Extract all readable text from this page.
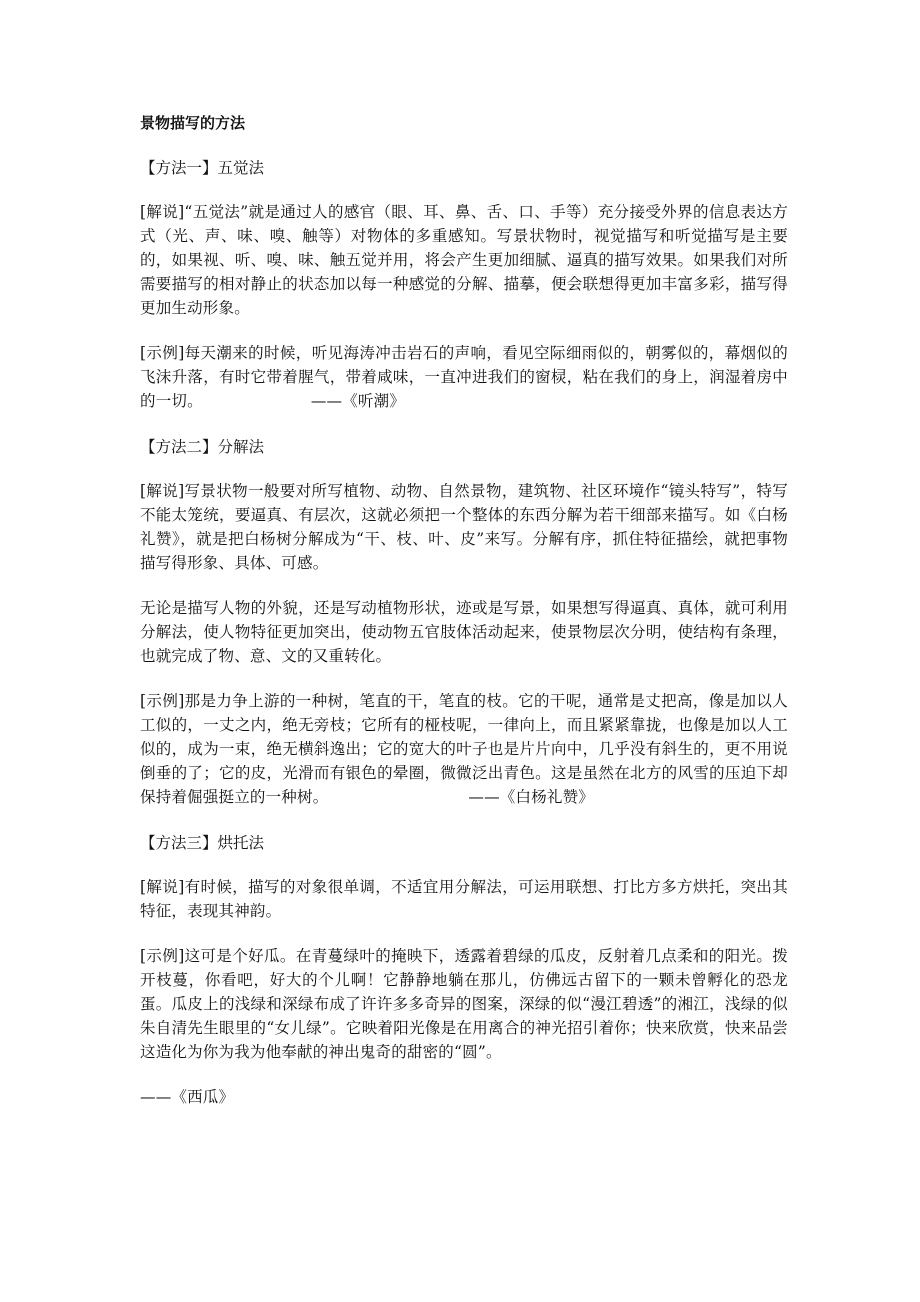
景物描写的方法
【方法一】五觉法
[解说]“五觉法”就是通过人的感官（眼、耳、鼻、舌、口、手等）充分接受外界的信息表达方式（光、声、味、嗅、触等）对物体的多重感知。写景状物时，视觉描写和听觉描写是主要的，如果视、听、嗅、味、触五觉并用，将会产生更加细腻、逼真的描写效果。如果我们对所需要描写的相对静止的状态加以每一种感觉的分解、描摹，便会联想得更加丰富多彩，描写得更加生动形象。
[示例]每天潮来的时候，听见海涛冲击岩石的声响，看见空际细雨似的，朝雾似的，幕烟似的飞沫升落，有时它带着腥气，带着咸味，一直冲进我们的窗棂，粘在我们的身上，润湿着房中的一切。	——《听潮》
【方法二】分解法
[解说]写景状物一般要对所写植物、动物、自然景物，建筑物、社区环境作“镜头特写”，特写不能太笼统，要逼真、有层次，这就必须把一个整体的东西分解为若干细部来描写。如《白杨礼赞》，就是把白杨树分解成为“干、枝、叶、皮”来写。分解有序，抓住特征描绘，就把事物描写得形象、具体、可感。
无论是描写人物的外貌，还是写动植物形状，迹或是写景，如果想写得逼真、真体，就可利用分解法，使人物特征更加突出，使动物五官肢体活动起来，使景物层次分明，使结构有条理，也就完成了物、意、文的又重转化。
[示例]那是力争上游的一种树，笔直的干，笔直的枝。它的干呢，通常是丈把高，像是加以人工似的，一丈之内，绝无旁枝；它所有的桠枝呢，一律向上，而且紧紧靠拢，也像是加以人工似的，成为一束，绝无横斜逸出；它的宽大的叶子也是片片向中，几乎没有斜生的，更不用说倒垂的了；它的皮，光滑而有银色的晕圈，微微泛出青色。这是虽然在北方的风雪的压迫下却保持着倔强挺立的一种树。	——《白杨礼赞》
【方法三】烘托法
[解说]有时候，描写的对象很单调，不适宜用分解法，可运用联想、打比方多方烘托，突出其特征，表现其神韵。
[示例]这可是个好瓜。在青蔓绿叶的掩映下，透露着碧绿的瓜皮，反射着几点柔和的阳光。拨开枝蔓，你看吧，好大的个儿啊！它静静地躺在那儿，仿佛远古留下的一颗未曾孵化的恐龙蛋。瓜皮上的浅绿和深绿布成了许许多多奇异的图案，深绿的似“漫江碧透”的湘江，浅绿的似朱自清先生眼里的“女儿绿”。它映着阳光像是在用离合的神光招引着你；快来欣赏，快来品尝这造化为你为我为他奉献的神出鬼奇的甜密的“圆”。
——《西瓜》
